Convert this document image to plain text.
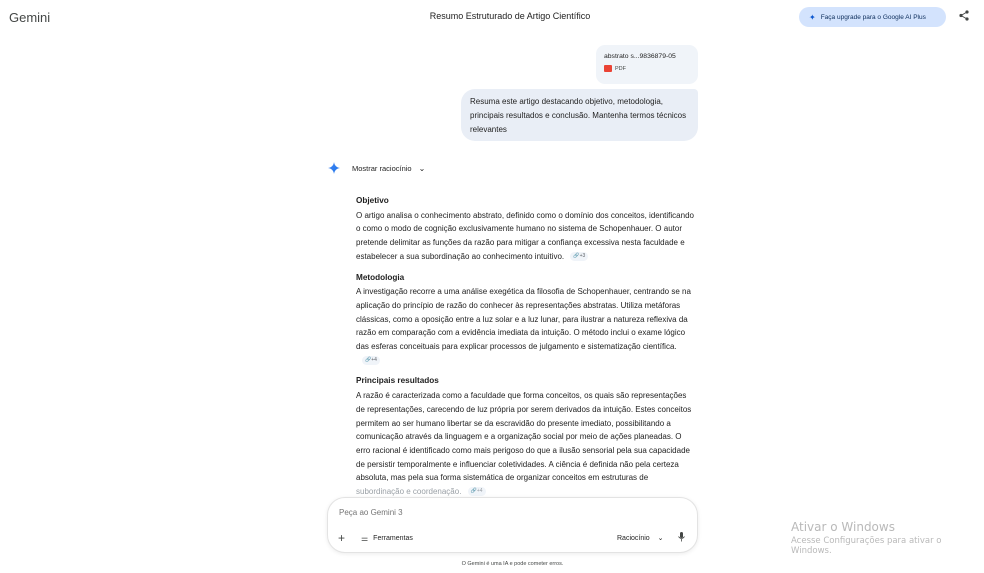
Gemini	Resumo Estruturado de Artigo Científico	✦ Faça upgrade para o Google AI Plus
abstrato s...9836879-05
PDF
Resuma este artigo destacando objetivo, metodologia, principais resultados e conclusão. Mantenha termos técnicos relevantes
Mostrar raciocínio ⌄
Objetivo
O artigo analisa o conhecimento abstrato, definido como o domínio dos conceitos, identificando o como o modo de cognição exclusivamente humano no sistema de Schopenhauer. O autor pretende delimitar as funções da razão para mitigar a confiança excessiva nesta faculdade e estabelecer a sua subordinação ao conhecimento intuitivo. 🔗+3
Metodologia
A investigação recorre a uma análise exegética da filosofia de Schopenhauer, centrando se na aplicação do princípio de razão do conhecer às representações abstratas. Utiliza metáforas clássicas, como a oposição entre a luz solar e a luz lunar, para ilustrar a natureza reflexiva da razão em comparação com a evidência imediata da intuição. O método inclui o exame lógico das esferas conceituais para explicar processos de julgamento e sistematização científica.
🔗+4
Principais resultados
A razão é caracterizada como a faculdade que forma conceitos, os quais são representações de representações, carecendo de luz própria por serem derivados da intuição. Estes conceitos permitem ao ser humano libertar se da escravidão do presente imediato, possibilitando a comunicação através da linguagem e a organização social por meio de ações planeadas. O erro racional é identificado como mais perigoso do que a ilusão sensorial pela sua capacidade de persistir temporalmente e influenciar coletividades. A ciência é definida não pela certeza absoluta, mas pela sua forma sistemática de organizar conceitos em estruturas de subordinação e coordenação. 🔗+4
Peça ao Gemini 3
+ ⚌ Ferramentas	Raciocínio ⌄
O Gemini é uma IA e pode cometer erros.
Ativar o Windows
Acesse Configurações para ativar o Windows.
